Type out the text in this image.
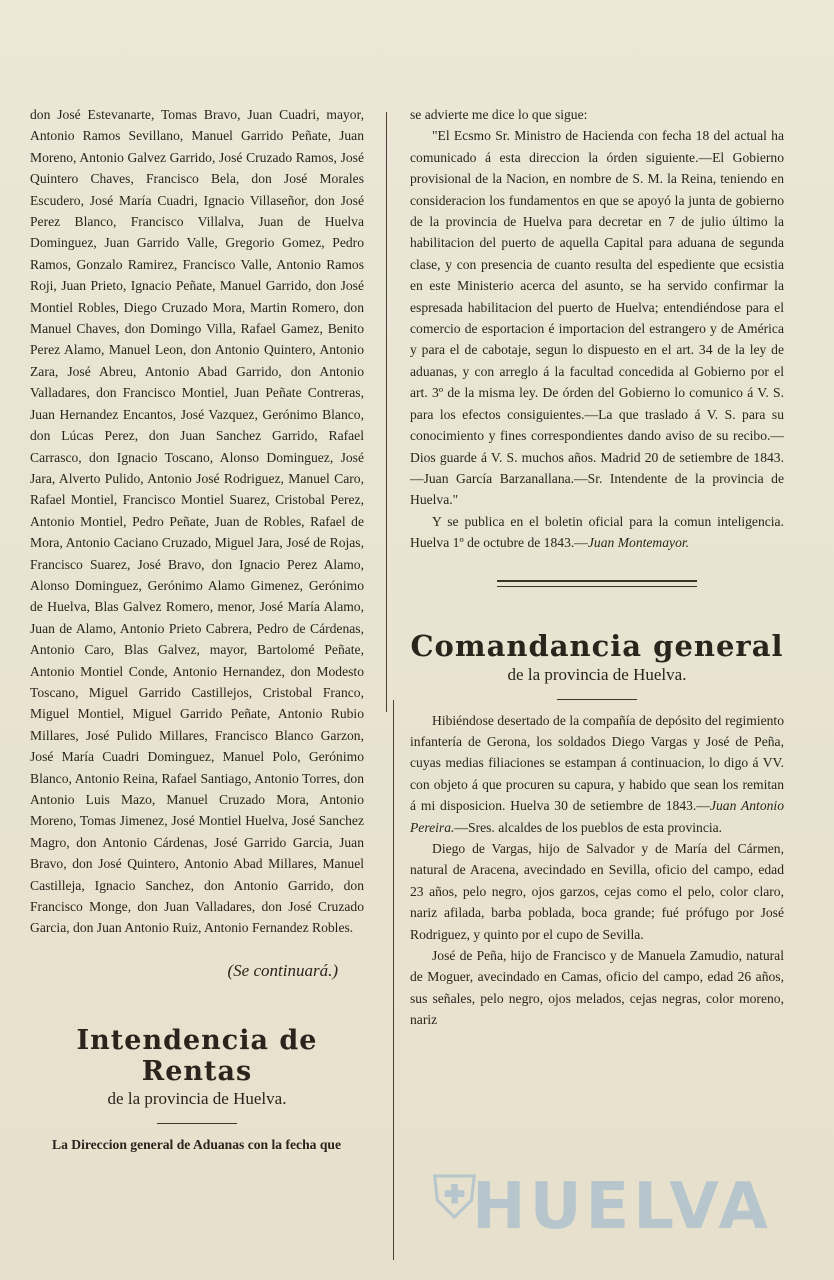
don José Estevanarte, Tomas Bravo, Juan Cuadri, mayor, Antonio Ramos Sevillano, Manuel Garrido Peñate, Juan Moreno, Antonio Galvez Garrido, José Cruzado Ramos, José Quintero Chaves, Francisco Bela, don José Morales Escudero, José María Cuadri, Ignacio Villaseñor, don José Perez Blanco, Francisco Villalva, Juan de Huelva Dominguez, Juan Garrido Valle, Gregorio Gomez, Pedro Ramos, Gonzalo Ramirez, Francisco Valle, Antonio Ramos Roji, Juan Prieto, Ignacio Peñate, Manuel Garrido, don José Montiel Robles, Diego Cruzado Mora, Martin Romero, don Manuel Chaves, don Domingo Villa, Rafael Gamez, Benito Perez Alamo, Manuel Leon, don Antonio Quintero, Antonio Zara, José Abreu, Antonio Abad Garrido, don Antonio Valladares, don Francisco Montiel, Juan Peñate Contreras, Juan Hernandez Encantos, José Vazquez, Gerónimo Blanco, don Lúcas Perez, don Juan Sanchez Garrido, Rafael Carrasco, don Ignacio Toscano, Alonso Dominguez, José Jara, Alverto Pulido, Antonio José Rodriguez, Manuel Caro, Rafael Montiel, Francisco Montiel Suarez, Cristobal Perez, Antonio Montiel, Pedro Peñate, Juan de Robles, Rafael de Mora, Antonio Caciano Cruzado, Miguel Jara, José de Rojas, Francisco Suarez, José Bravo, don Ignacio Perez Alamo, Alonso Dominguez, Gerónimo Alamo Gimenez, Gerónimo de Huelva, Blas Galvez Romero, menor, José María Alamo, Juan de Alamo, Antonio Prieto Cabrera, Pedro de Cárdenas, Antonio Caro, Blas Galvez, mayor, Bartolomé Peñate, Antonio Montiel Conde, Antonio Hernandez, don Modesto Toscano, Miguel Garrido Castillejos, Cristobal Franco, Miguel Montiel, Miguel Garrido Peñate, Antonio Rubio Millares, José Pulido Millares, Francisco Blanco Garzon, José María Cuadri Dominguez, Manuel Polo, Gerónimo Blanco, Antonio Reina, Rafael Santiago, Antonio Torres, don Antonio Luis Mazo, Manuel Cruzado Mora, Antonio Moreno, Tomas Jimenez, José Montiel Huelva, José Sanchez Magro, don Antonio Cárdenas, José Garrido Garcia, Juan Bravo, don José Quintero, Antonio Abad Millares, Manuel Castilleja, Ignacio Sanchez, don Antonio Garrido, don Francisco Monge, don Juan Valladares, don José Cruzado Garcia, don Juan Antonio Ruiz, Antonio Fernandez Robles.

(Se continuará.)

Intendencia de Rentas

de la provincia de Huelva.

La Direccion general de Aduanas con la fecha que

se advierte me dice lo que sigue:

"El Ecsmo Sr. Ministro de Hacienda con fecha 18 del actual ha comunicado á esta direccion la órden siguiente.—El Gobierno provisional de la Nacion, en nombre de S. M. la Reina, teniendo en consideracion los fundamentos en que se apoyó la junta de gobierno de la provincia de Huelva para decretar en 7 de julio último la habilitacion del puerto de aquella Capital para aduana de segunda clase, y con presencia de cuanto resulta del espediente que ecsistia en este Ministerio acerca del asunto, se ha servido confirmar la espresada habilitacion del puerto de Huelva; entendiéndose para el comercio de esportacion é importacion del estrangero y de América y para el de cabotaje, segun lo dispuesto en el art. 34 de la ley de aduanas, y con arreglo á la facultad concedida al Gobierno por el art. 3º de la misma ley. De órden del Gobierno lo comunico á V. S. para los efectos consiguientes.—La que traslado á V. S. para su conocimiento y fines correspondientes dando aviso de su recibo.—Dios guarde á V. S. muchos años. Madrid 20 de setiembre de 1843.—Juan García Barzanallana.—Sr. Intendente de la provincia de Huelva."

Y se publica en el boletin oficial para la comun inteligencia. Huelva 1º de octubre de 1843.—Juan Montemayor.

Comandancia general

de la provincia de Huelva.

Hibiéndose desertado de la compañía de depósito del regimiento infantería de Gerona, los soldados Diego Vargas y José de Peña, cuyas medias filiaciones se estampan á continuacion, lo digo á VV. con objeto á que procuren su capura, y habido que sean los remitan á mi disposicion. Huelva 30 de setiembre de 1843.—Juan Antonio Pereira.—Sres. alcaldes de los pueblos de esta provincia.

Diego de Vargas, hijo de Salvador y de María del Cármen, natural de Aracena, avecindado en Sevilla, oficio del campo, edad 23 años, pelo negro, ojos garzos, cejas como el pelo, color claro, nariz afilada, barba poblada, boca grande; fué prófugo por José Rodriguez, y quinto por el cupo de Sevilla.

José de Peña, hijo de Francisco y de Manuela Zamudio, natural de Moguer, avecindado en Camas, oficio del campo, edad 26 años, sus señales, pelo negro, ojos melados, cejas negras, color moreno, nariz

⛨
HUELVA
